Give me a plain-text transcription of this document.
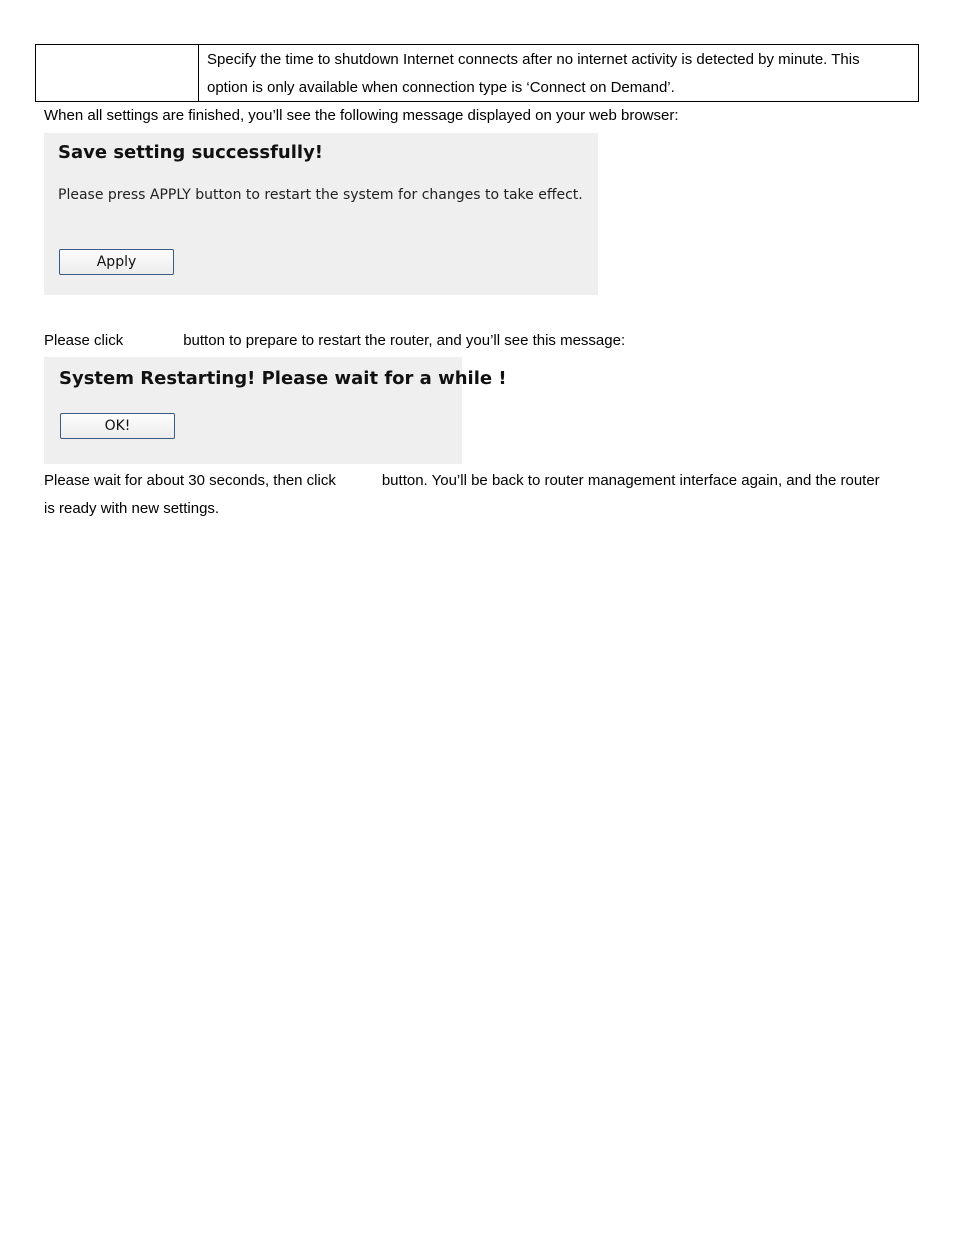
Specify the time to shutdown Internet connects after no internet activity is detected by minute. This
option is only available when connection type is ‘Connect on Demand’.
When all settings are finished, you’ll see the following message displayed on your web browser:
Save setting successfully!
Please press APPLY button to restart the system for changes to take effect.
Apply
Please click	button to prepare to restart the router, and you’ll see this message:
System Restarting! Please wait for a while !
OK!
Please wait for about 30 seconds, then click	button. You’ll be back to router management interface again, and the router
is ready with new settings.
